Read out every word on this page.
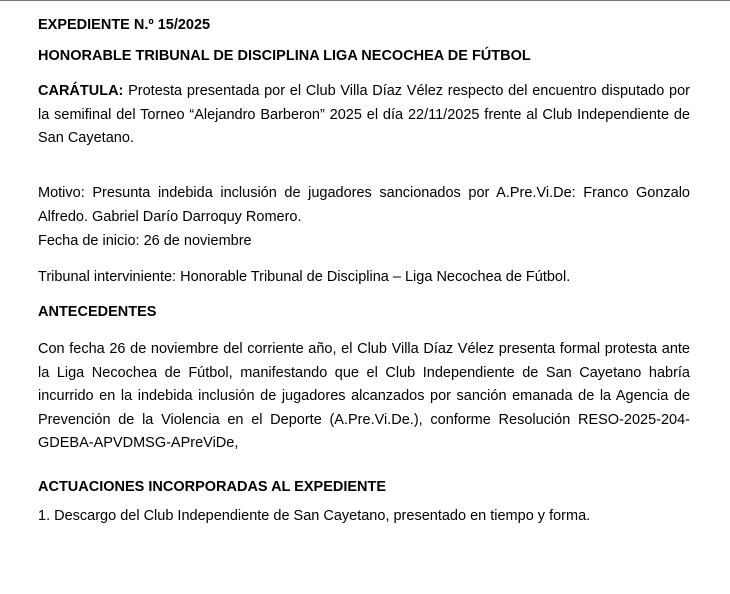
EXPEDIENTE N.º 15/2025
HONORABLE TRIBUNAL DE DISCIPLINA LIGA NECOCHEA DE FÚTBOL
CARÁTULA: Protesta presentada por el Club Villa Díaz Vélez respecto del encuentro disputado por la semifinal del Torneo “Alejandro Barberon” 2025 el día 22/11/2025 frente al Club Independiente de San Cayetano.
Motivo: Presunta indebida inclusión de jugadores sancionados por A.Pre.Vi.De: Franco Gonzalo Alfredo. Gabriel Darío Darroquy Romero.
Fecha de inicio: 26 de noviembre
Tribunal interviniente: Honorable Tribunal de Disciplina – Liga Necochea de Fútbol.
ANTECEDENTES
Con fecha 26 de noviembre del corriente año, el Club Villa Díaz Vélez presenta formal protesta ante la Liga Necochea de Fútbol, manifestando que el Club Independiente de San Cayetano habría incurrido en la indebida inclusión de jugadores alcanzados por sanción emanada de la Agencia de Prevención de la Violencia en el Deporte (A.Pre.Vi.De.), conforme Resolución RESO-2025-204-GDEBA-APVDMSG-APreViDe,
ACTUACIONES INCORPORADAS AL EXPEDIENTE
1. Descargo del Club Independiente de San Cayetano, presentado en tiempo y forma.
